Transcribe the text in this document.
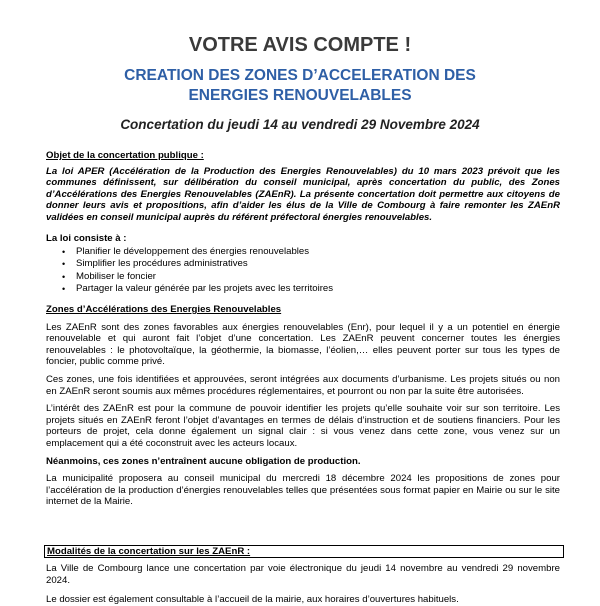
VOTRE AVIS COMPTE !
CREATION DES ZONES D’ACCELERATION DES
ENERGIES RENOUVELABLES
Concertation du jeudi 14 au vendredi 29 Novembre 2024

Objet de la concertation publique :

La loi APER (Accélération de la Production des Energies Renouvelables) du 10 mars 2023 prévoit que les communes définissent, sur délibération du conseil municipal, après concertation du public, des Zones d’Accélérations des Energies Renouvelables (ZAEnR). La présente concertation doit permettre aux citoyens de donner leurs avis et propositions, afin d’aider les élus de la Ville de Combourg à faire remonter les ZAEnR validées en conseil municipal auprès du référent préfectoral énergies renouvelables.

La loi consiste à :

• Planifier le développement des énergies renouvelables
• Simplifier les procédures administratives
• Mobiliser le foncier
• Partager la valeur générée par les projets avec les territoires

Zones d’Accélérations des Energies Renouvelables

Les ZAEnR sont des zones favorables aux énergies renouvelables (Enr), pour lequel il y a un potentiel en énergie renouvelable et qui auront fait l’objet d’une concertation. Les ZAEnR peuvent concerner toutes les énergies renouvelables : le photovoltaïque, la géothermie, la biomasse, l’éolien,… elles peuvent porter sur tous les types de foncier, public comme privé.

Ces zones, une fois identifiées et approuvées, seront intégrées aux documents d’urbanisme. Les projets situés ou non en ZAEnR seront soumis aux mêmes procédures réglementaires, et pourront ou non par la suite être autorisées.

L’intérêt des ZAEnR est pour la commune de pouvoir identifier les projets qu’elle souhaite voir sur son territoire. Les projets situés en ZAEnR feront l’objet d’avantages en termes de délais d’instruction et de soutiens financiers. Pour les porteurs de projet, cela donne également un signal clair : si vous venez dans cette zone, vous venez sur un emplacement qui a été coconstruit avec les acteurs locaux.

Néanmoins, ces zones n’entraînent aucune obligation de production.

La municipalité proposera au conseil municipal du mercredi 18 décembre 2024 les propositions de zones pour l’accélération de la production d’énergies renouvelables telles que présentées sous format papier en Mairie ou sur le site internet de la Mairie.

Modalités de la concertation sur les ZAEnR :

La Ville de Combourg lance une concertation par voie électronique du jeudi 14 novembre au vendredi 29 novembre 2024.

Le dossier est également consultable à l’accueil de la mairie, aux horaires d’ouvertures habituels.
